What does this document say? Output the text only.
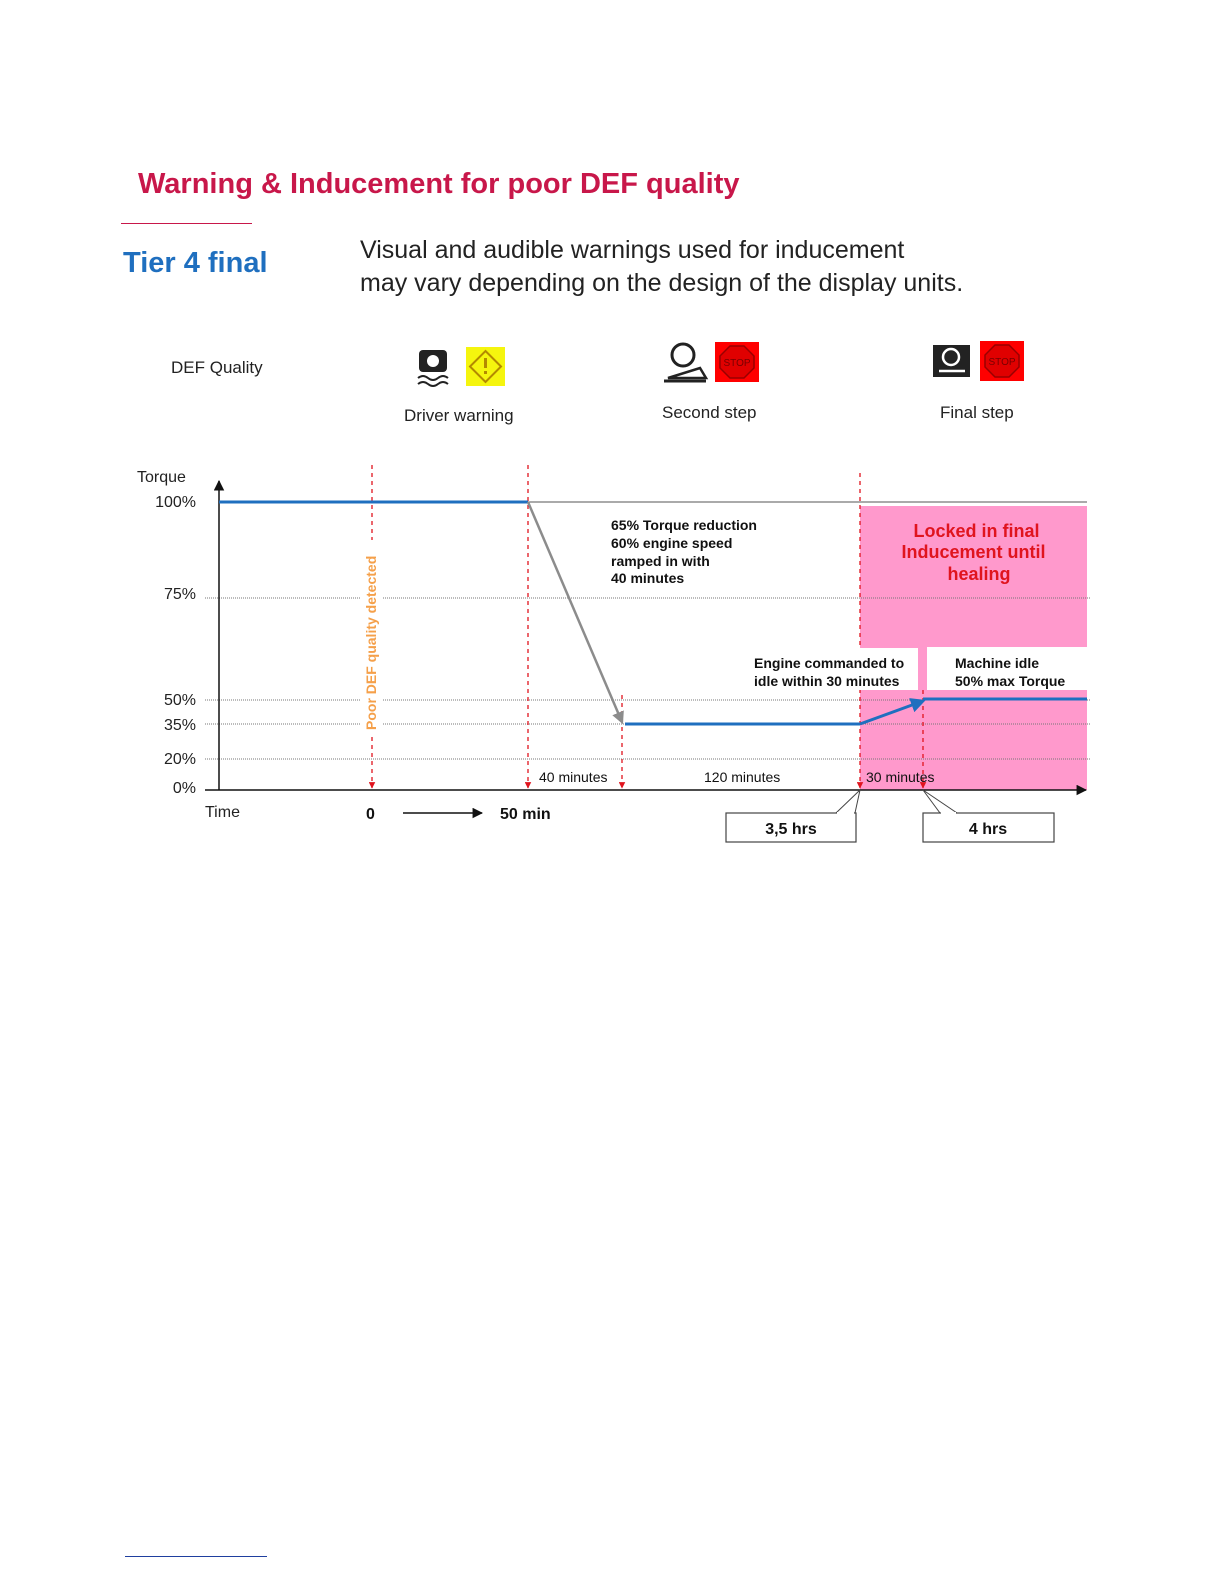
Warning & Inducement for poor DEF quality
Tier 4 final	Visual and audible warnings used for inducement
may vary depending on the design of the display units.
DEF Quality
Driver warning
STOP
Second step
STOP
Final step
Torque
100%
75%
50%
35%
20%
0%
Time
Poor DEF quality detected
65% Torque reduction 60% engine speed ramped in with 40 minutes
Locked in final Inducement until healing
Engine commanded to idle within 30 minutes
Machine idle 50% max Torque
40 minutes	120 minutes	30 minutes
0	50 min
3,5 hrs	4 hrs
